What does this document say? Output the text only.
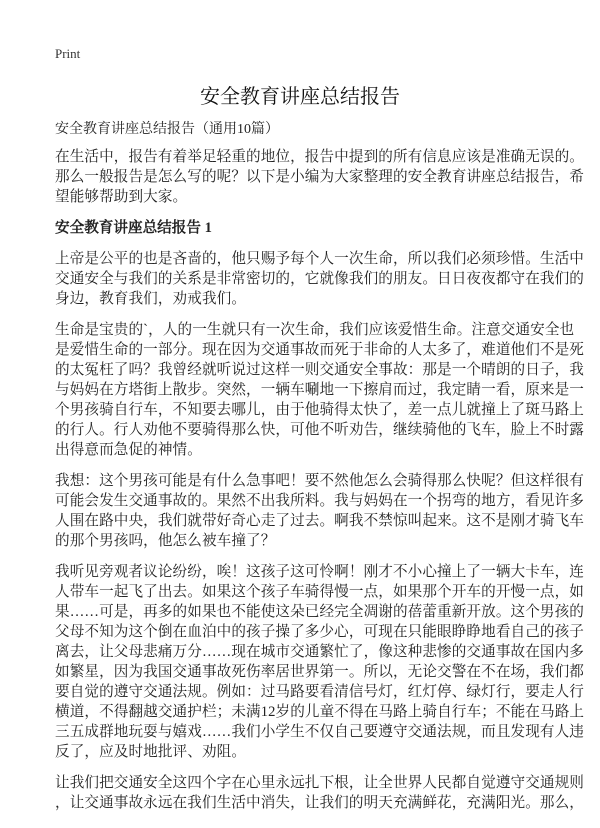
Print
安全教育讲座总结报告
安全教育讲座总结报告（通用10篇）
在生活中，报告有着举足轻重的地位，报告中提到的所有信息应该是准确无误的。
那么一般报告是怎么写的呢？以下是小编为大家整理的安全教育讲座总结报告，希
望能够帮助到大家。
安全教育讲座总结报告 1
上帝是公平的也是吝啬的，他只赐予每个人一次生命，所以我们必须珍惜。生活中
交通安全与我们的关系是非常密切的，它就像我们的朋友。日日夜夜都守在我们的
身边，教育我们，劝戒我们。
生命是宝贵的`，人的一生就只有一次生命，我们应该爱惜生命。注意交通安全也
是爱惜生命的一部分。现在因为交通事故而死于非命的人太多了，难道他们不是死
的太冤枉了吗？我曾经就听说过这样一则交通安全事故：那是一个晴朗的日子，我
与妈妈在方塔街上散步。突然，一辆车唰地一下擦肩而过，我定睛一看，原来是一
个男孩骑自行车，不知要去哪儿，由于他骑得太快了，差一点儿就撞上了斑马路上
的行人。行人劝他不要骑得那么快，可他不听劝告，继续骑他的飞车，脸上不时露
出得意而急促的神情。
我想：这个男孩可能是有什么急事吧！要不然他怎么会骑得那么快呢？但这样很有
可能会发生交通事故的。果然不出我所料。我与妈妈在一个拐弯的地方，看见许多
人围在路中央，我们就带好奇心走了过去。啊我不禁惊叫起来。这不是刚才骑飞车
的那个男孩吗，他怎么被车撞了？
我听见旁观者议论纷纷，唉！这孩子这可怜啊！刚才不小心撞上了一辆大卡车，连
人带车一起飞了出去。如果这个孩子车骑得慢一点，如果那个开车的开慢一点，如
果……可是，再多的如果也不能使这朵已经完全凋谢的蓓蕾重新开放。这个男孩的
父母不知为这个倒在血泊中的孩子操了多少心，可现在只能眼睁睁地看自己的孩子
离去，让父母悲痛万分……现在城市交通繁忙了，像这种悲惨的交通事故在国内多
如繁星，因为我国交通事故死伤率居世界第一。所以，无论交警在不在场，我们都
要自觉的遵守交通法规。例如：过马路要看清信号灯，红灯停、绿灯行，要走人行
横道，不得翻越交通护栏；未满12岁的儿童不得在马路上骑自行车；不能在马路上
三五成群地玩耍与嬉戏……我们小学生不仅自己要遵守交通法规，而且发现有人违
反了，应及时地批评、劝阻。
让我们把交通安全这四个字在心里永远扎下根，让全世界人民都自觉遵守交通规则
，让交通事故永远在我们生活中消失，让我们的明天充满鲜花，充满阳光。那么，
